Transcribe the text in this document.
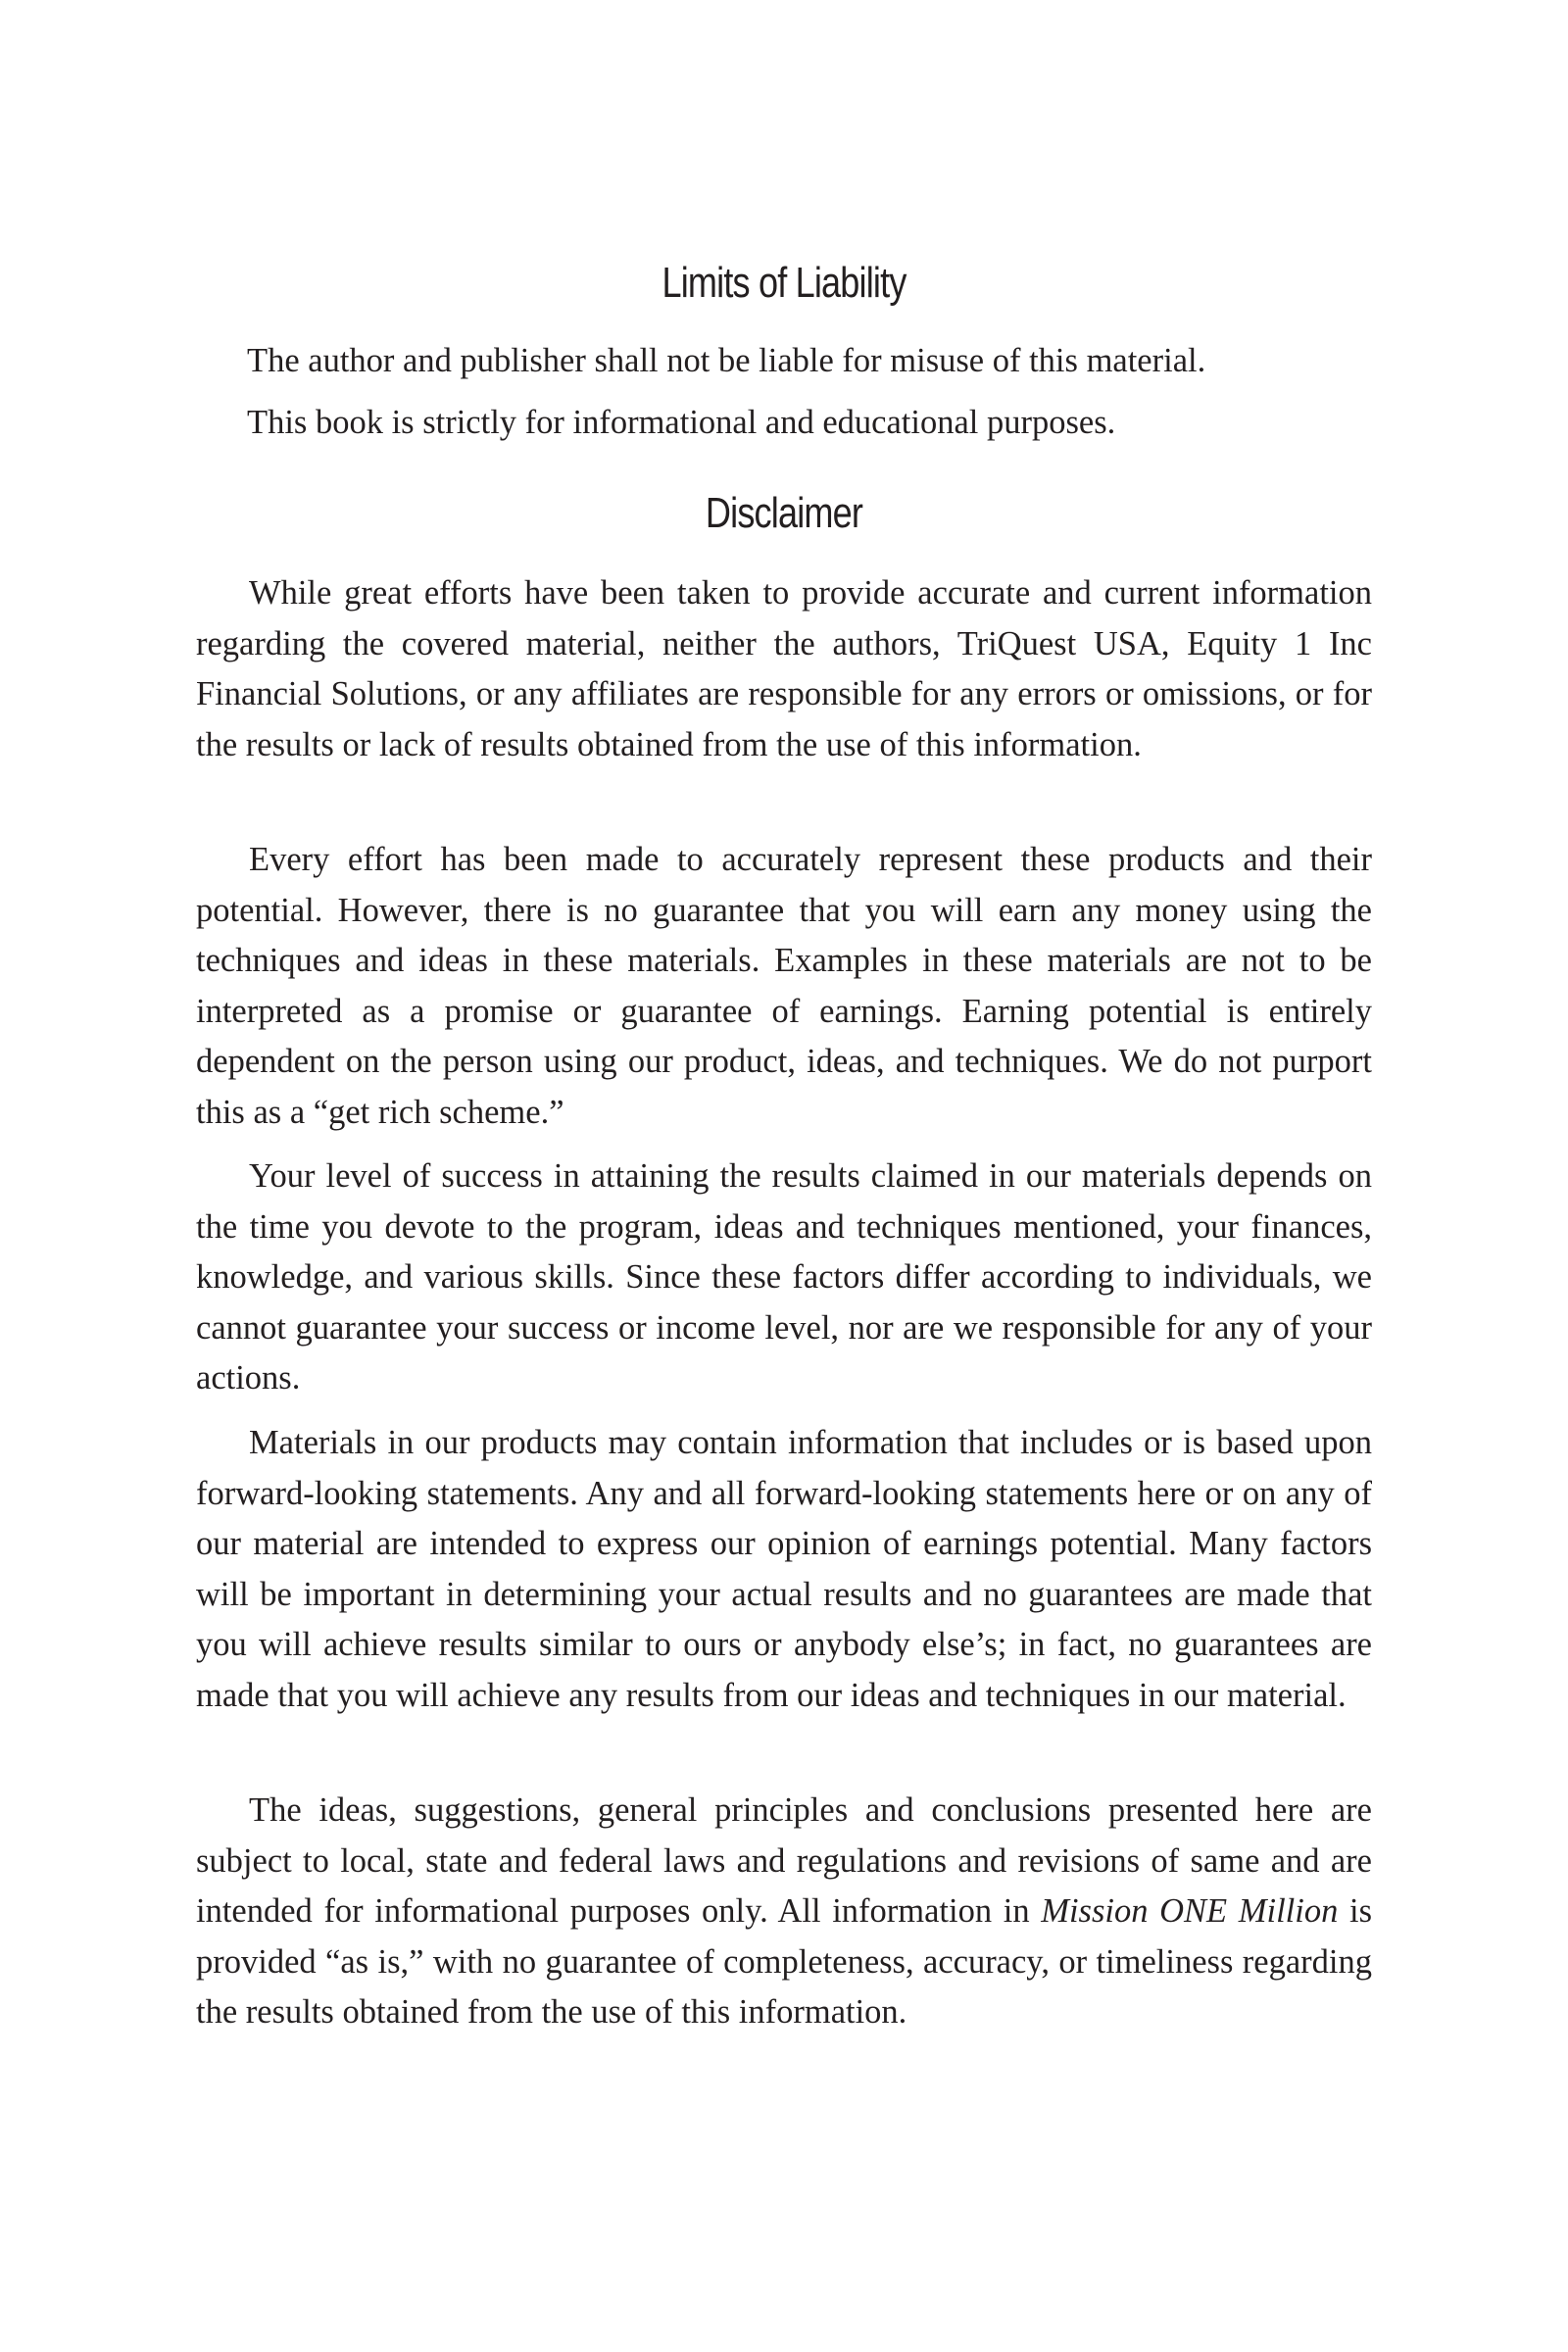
Limits of Liability

The author and publisher shall not be liable for misuse of this material.

This book is strictly for informational and educational purposes.

Disclaimer

While great efforts have been taken to provide accurate and current information regarding the covered material, neither the authors, TriQuest USA, Equity 1 Inc Financial Solutions, or any affiliates are responsible for any errors or omissions, or for the results or lack of results obtained from the use of this information.

Every effort has been made to accurately represent these products and their potential. However, there is no guarantee that you will earn any money using the techniques and ideas in these materials. Examples in these materials are not to be interpreted as a promise or guarantee of earnings. Earning potential is entirely dependent on the person using our product, ideas, and techniques. We do not purport this as a “get rich scheme.”

Your level of success in attaining the results claimed in our materials depends on the time you devote to the program, ideas and techniques mentioned, your finances, knowledge, and various skills. Since these factors differ according to individuals, we cannot guarantee your success or income level, nor are we responsible for any of your actions.

Materials in our products may contain information that includes or is based upon forward-looking statements. Any and all forward-looking statements here or on any of our material are intended to express our opinion of earnings potential. Many factors will be important in determining your actual results and no guarantees are made that you will achieve results similar to ours or anybody else’s; in fact, no guarantees are made that you will achieve any results from our ideas and techniques in our material.

The ideas, suggestions, general principles and conclusions presented here are subject to local, state and federal laws and regulations and revisions of same and are intended for informational purposes only. All information in Mission ONE Million is provided “as is,” with no guarantee of completeness, accuracy, or timeliness regarding the results obtained from the use of this information.
